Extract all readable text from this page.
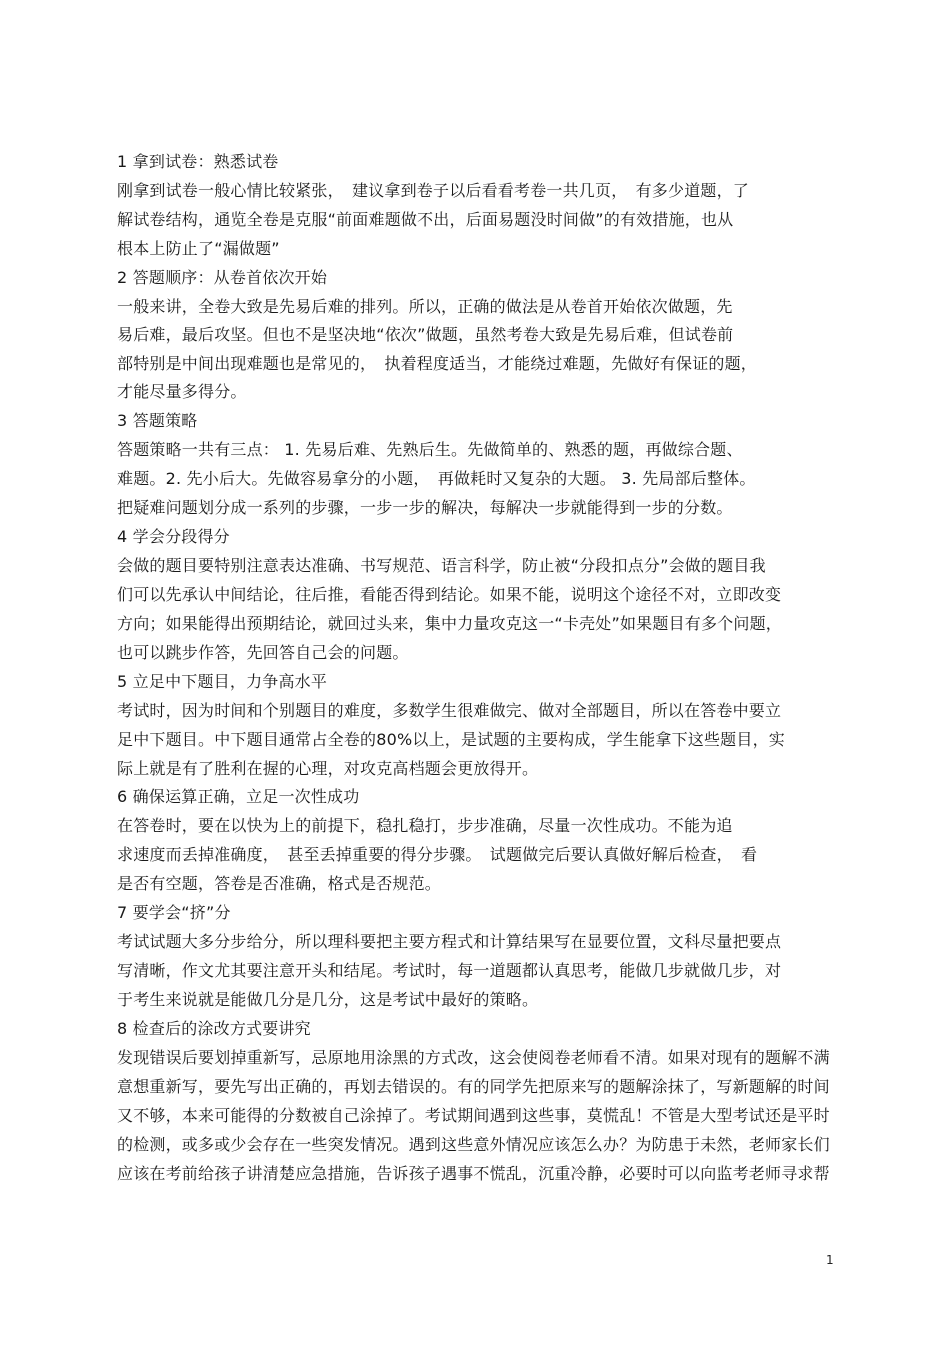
1 拿到试卷：熟悉试卷
刚拿到试卷一般心情比较紧张，　建议拿到卷子以后看看考卷一共几页，　有多少道题，了
解试卷结构，通览全卷是克服“前面难题做不出，后面易题没时间做”的有效措施，也从
根本上防止了“漏做题”
2 答题顺序：从卷首依次开始
一般来讲，全卷大致是先易后难的排列。所以，正确的做法是从卷首开始依次做题，先
易后难，最后攻坚。但也不是坚决地“依次”做题，虽然考卷大致是先易后难，但试卷前
部特别是中间出现难题也是常见的，　执着程度适当，才能绕过难题，先做好有保证的题，
才能尽量多得分。
3 答题策略
答题策略一共有三点： 1. 先易后难、先熟后生。先做简单的、熟悉的题，再做综合题、
难题。2. 先小后大。先做容易拿分的小题，　再做耗时又复杂的大题。 3. 先局部后整体。
把疑难问题划分成一系列的步骤，一步一步的解决，每解决一步就能得到一步的分数。
4 学会分段得分
会做的题目要特别注意表达准确、书写规范、语言科学，防止被“分段扣点分”会做的题目我
们可以先承认中间结论，往后推，看能否得到结论。如果不能，说明这个途径不对，立即改变
方向；如果能得出预期结论，就回过头来，集中力量攻克这一“卡壳处”如果题目有多个问题，
也可以跳步作答，先回答自己会的问题。
5 立足中下题目，力争高水平
考试时，因为时间和个别题目的难度，多数学生很难做完、做对全部题目，所以在答卷中要立
足中下题目。中下题目通常占全卷的80%以上，是试题的主要构成，学生能拿下这些题目，实
际上就是有了胜利在握的心理，对攻克高档题会更放得开。
6 确保运算正确，立足一次性成功
在答卷时，要在以快为上的前提下，稳扎稳打，步步准确，尽量一次性成功。不能为追
求速度而丢掉准确度，　甚至丢掉重要的得分步骤。　试题做完后要认真做好解后检查，　看
是否有空题，答卷是否准确，格式是否规范。
7 要学会“挤”分
考试试题大多分步给分，所以理科要把主要方程式和计算结果写在显要位置，文科尽量把要点
写清晰，作文尤其要注意开头和结尾。考试时，每一道题都认真思考，能做几步就做几步，对
于考生来说就是能做几分是几分，这是考试中最好的策略。
8 检查后的涂改方式要讲究
发现错误后要划掉重新写，忌原地用涂黑的方式改，这会使阅卷老师看不清。如果对现有的题解不满
意想重新写，要先写出正确的，再划去错误的。有的同学先把原来写的题解涂抹了，写新题解的时间
又不够，本来可能得的分数被自己涂掉了。考试期间遇到这些事，莫慌乱！不管是大型考试还是平时
的检测，或多或少会存在一些突发情况。遇到这些意外情况应该怎么办？为防患于未然，老师家长们
应该在考前给孩子讲清楚应急措施，告诉孩子遇事不慌乱，沉重冷静，必要时可以向监考老师寻求帮
1
